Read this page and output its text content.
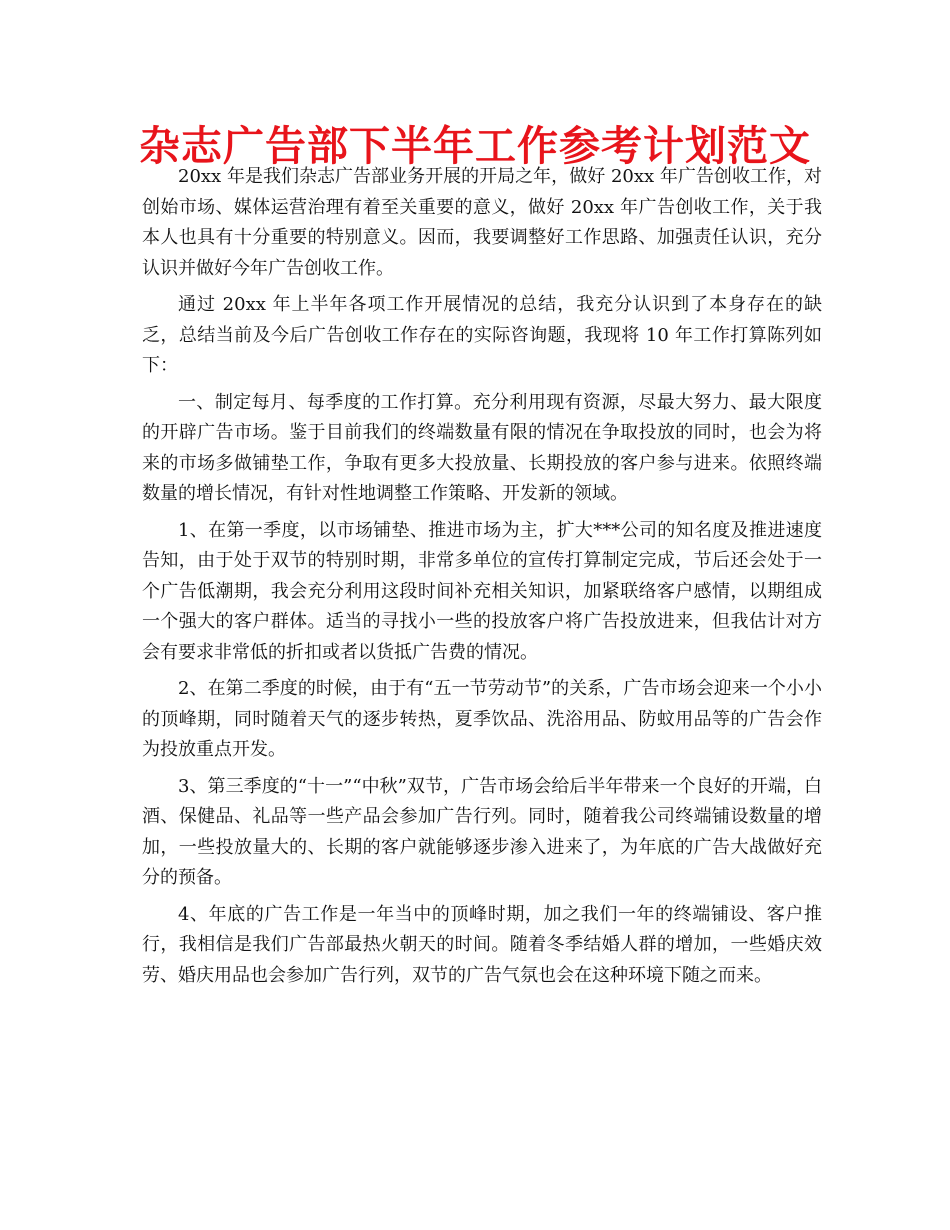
杂志广告部下半年工作参考计划范文

20xx 年是我们杂志广告部业务开展的开局之年，做好 20xx 年广告创收工作，对创始市场、媒体运营治理有着至关重要的意义，做好 20xx 年广告创收工作，关于我本人也具有十分重要的特别意义。因而，我要调整好工作思路、加强责任认识，充分认识并做好今年广告创收工作。

通过 20xx 年上半年各项工作开展情况的总结，我充分认识到了本身存在的缺乏，总结当前及今后广告创收工作存在的实际咨询题，我现将 10 年工作打算陈列如下：

一、制定每月、每季度的工作打算。充分利用现有资源，尽最大努力、最大限度的开辟广告市场。鉴于目前我们的终端数量有限的情况在争取投放的同时，也会为将来的市场多做铺垫工作，争取有更多大投放量、长期投放的客户参与进来。依照终端数量的增长情况，有针对性地调整工作策略、开发新的领域。

1、在第一季度，以市场铺垫、推进市场为主，扩大***公司的知名度及推进速度告知，由于处于双节的特别时期，非常多单位的宣传打算制定完成，节后还会处于一个广告低潮期，我会充分利用这段时间补充相关知识，加紧联络客户感情，以期组成一个强大的客户群体。适当的寻找小一些的投放客户将广告投放进来，但我估计对方会有要求非常低的折扣或者以货抵广告费的情况。

2、在第二季度的时候，由于有“五一节劳动节”的关系，广告市场会迎来一个小小的顶峰期，同时随着天气的逐步转热，夏季饮品、洗浴用品、防蚊用品等的广告会作为投放重点开发。

3、第三季度的“十一”“中秋”双节，广告市场会给后半年带来一个良好的开端，白酒、保健品、礼品等一些产品会参加广告行列。同时，随着我公司终端铺设数量的增加，一些投放量大的、长期的客户就能够逐步渗入进来了，为年底的广告大战做好充分的预备。

4、年底的广告工作是一年当中的顶峰时期，加之我们一年的终端铺设、客户推行，我相信是我们广告部最热火朝天的时间。随着冬季结婚人群的增加，一些婚庆效劳、婚庆用品也会参加广告行列，双节的广告气氛也会在这种环境下随之而来。
